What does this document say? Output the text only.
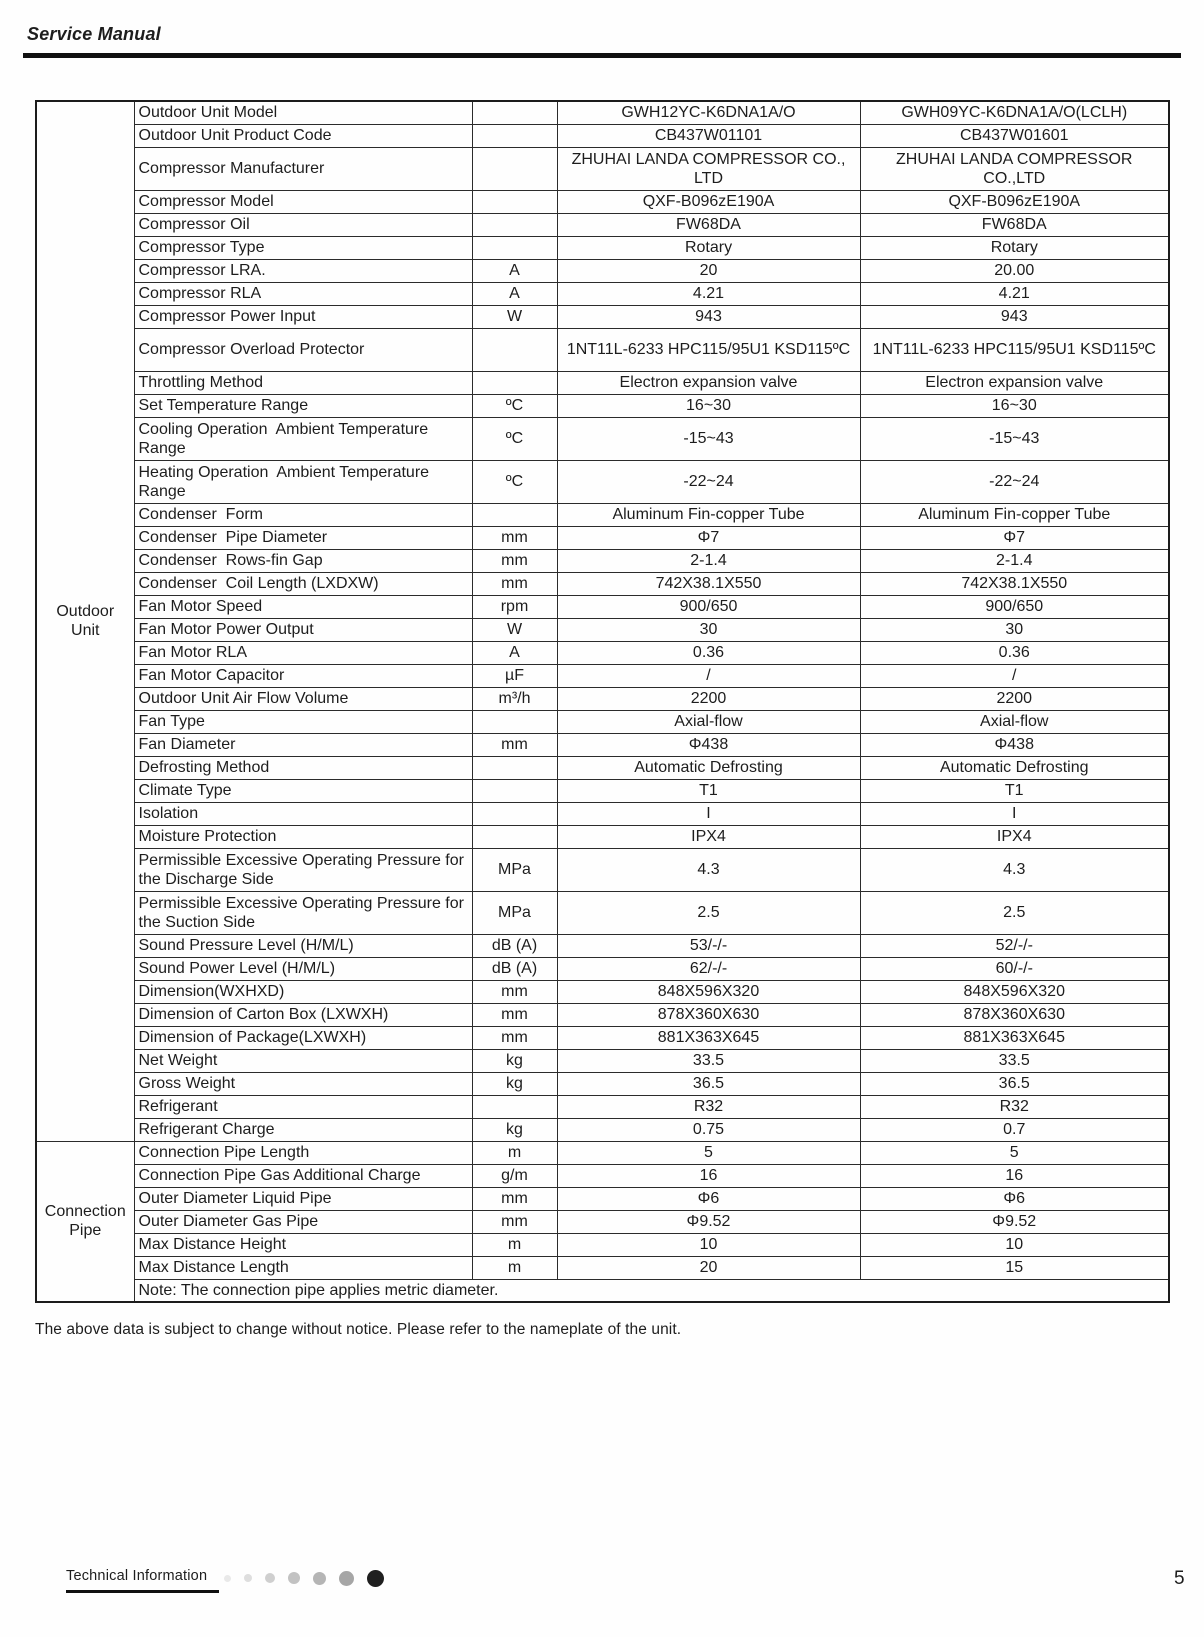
Service Manual
Outdoor Unit	Outdoor Unit Model		GWH12YC-K6DNA1A/O	GWH09YC-K6DNA1A/O(LCLH)
	Outdoor Unit Product Code		CB437W01101	CB437W01601
	Compressor Manufacturer		ZHUHAI LANDA COMPRESSOR CO., LTD	ZHUHAI LANDA COMPRESSOR CO.,LTD
	Compressor Model		QXF-B096zE190A	QXF-B096zE190A
	Compressor Oil		FW68DA	FW68DA
	Compressor Type		Rotary	Rotary
	Compressor LRA.	A	20	20.00
	Compressor RLA	A	4.21	4.21
	Compressor Power Input	W	943	943
	Compressor Overload Protector		1NT11L-6233 HPC115/95U1 KSD115ºC	1NT11L-6233 HPC115/95U1 KSD115ºC
	Throttling Method		Electron expansion valve	Electron expansion valve
	Set Temperature Range	ºC	16~30	16~30
	Cooling Operation  Ambient Temperature Range	ºC	-15~43	-15~43
	Heating Operation  Ambient Temperature Range	ºC	-22~24	-22~24
	Condenser  Form		Aluminum Fin-copper Tube	Aluminum Fin-copper Tube
	Condenser  Pipe Diameter	mm	Φ7	Φ7
	Condenser  Rows-fin Gap	mm	2-1.4	2-1.4
	Condenser  Coil Length (LXDXW)	mm	742X38.1X550	742X38.1X550
	Fan Motor Speed	rpm	900/650	900/650
	Fan Motor Power Output	W	30	30
	Fan Motor RLA	A	0.36	0.36
	Fan Motor Capacitor	µF	/	/
	Outdoor Unit Air Flow Volume	m³/h	2200	2200
	Fan Type		Axial-flow	Axial-flow
	Fan Diameter	mm	Φ438	Φ438
	Defrosting Method		Automatic Defrosting	Automatic Defrosting
	Climate Type		T1	T1
	Isolation		I	I
	Moisture Protection		IPX4	IPX4
	Permissible Excessive Operating Pressure for the Discharge Side	MPa	4.3	4.3
	Permissible Excessive Operating Pressure for the Suction Side	MPa	2.5	2.5
	Sound Pressure Level (H/M/L)	dB (A)	53/-/-	52/-/-
	Sound Power Level (H/M/L)	dB (A)	62/-/-	60/-/-
	Dimension(WXHXD)	mm	848X596X320	848X596X320
	Dimension of Carton Box (LXWXH)	mm	878X360X630	878X360X630
	Dimension of Package(LXWXH)	mm	881X363X645	881X363X645
	Net Weight	kg	33.5	33.5
	Gross Weight	kg	36.5	36.5
	Refrigerant		R32	R32
	Refrigerant Charge	kg	0.75	0.7
Connection Pipe	Connection Pipe Length	m	5	5
	Connection Pipe Gas Additional Charge	g/m	16	16
	Outer Diameter Liquid Pipe	mm	Φ6	Φ6
	Outer Diameter Gas Pipe	mm	Φ9.52	Φ9.52
	Max Distance Height	m	10	10
	Max Distance Length	m	20	15
	Note: The connection pipe applies metric diameter.			
The above data is subject to change without notice. Please refer to the nameplate of the unit.
Technical Information	5
